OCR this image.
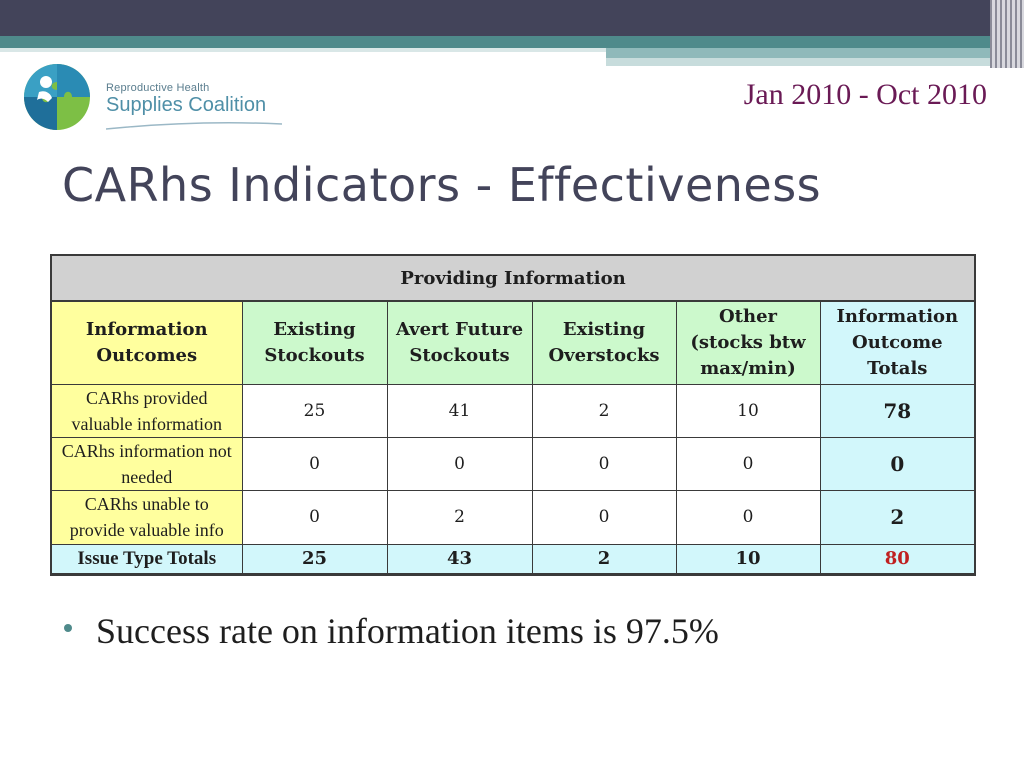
Reproductive Health
Supplies Coalition	Jan 2010 - Oct 2010
CARhs Indicators - Effectiveness
Providing Information					
Information Outcomes	Existing Stockouts	Avert Future Stockouts	Existing Overstocks	Other (stocks btw max/min)	Information Outcome Totals
CARhs provided valuable information	25	41	2	10	78
CARhs information not needed	0	0	0	0	0
CARhs unable to provide valuable info	0	2	0	0	2
Issue Type Totals	25	43	2	10	80
Success rate on information items is 97.5%
